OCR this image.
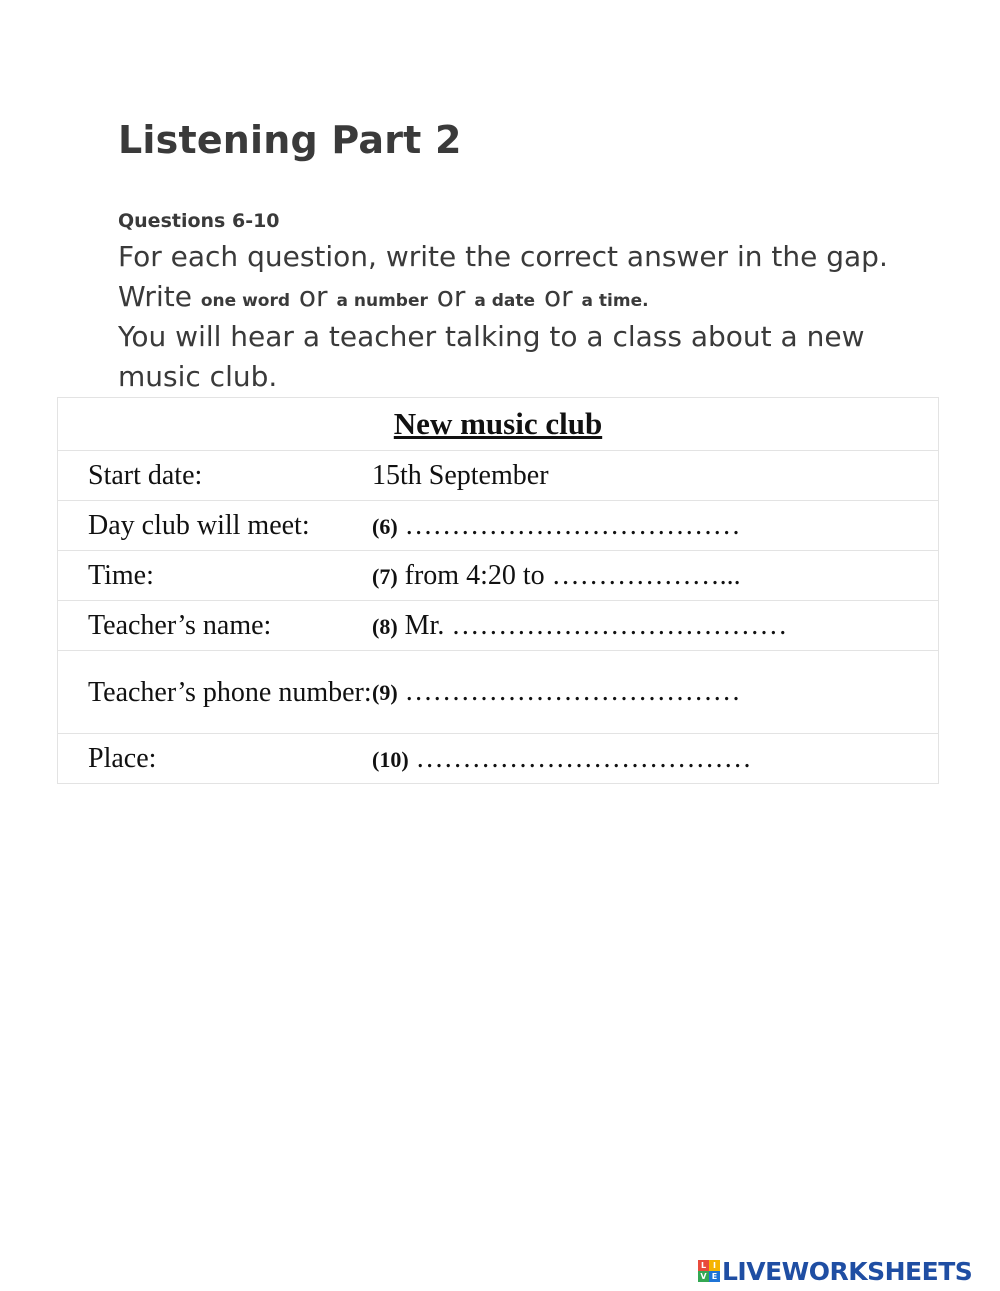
Listening Part 2
Questions 6-10
For each question, write the correct answer in the gap.
Write one word or a number or a date or a time.
You will hear a teacher talking to a class about a new
music club.
New music club
Start date:	15th September
Day club will meet:	(6) ………………………………
Time:	(7) from 4:20 to ………………...
Teacher’s name:	(8) Mr. ………………………………
Teacher’s phone number: (9) ………………………………
Place:	(10) ………………………………
L I
V E LIVEWORKSHEETS
